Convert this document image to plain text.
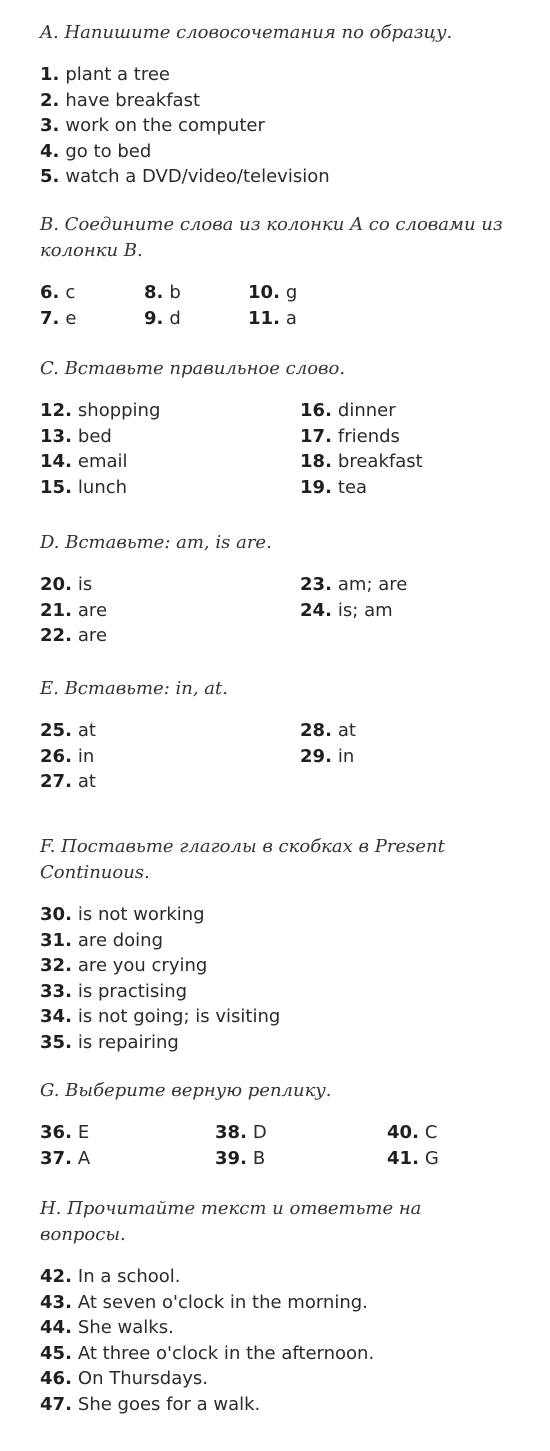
A. Напишите словосочетания по образцу.
1 . plant a tree
2 . have breakfast
3 . work on the computer
4 . go to bed
5 . watch a DVD/video/television
B. Соедините слова из колонки A со словами из колонки B.
6 . c	8 . b	10 . g
7 . e	9 . d	11 . a
C. Вставьте правильное слово.
12 . shopping	16 . dinner
13 . bed	17 . friends
14 . email	18 . breakfast
15 . lunch	19 . tea
D. Вставьте: am, is are.
20 . is	23 . am; are
21 . are	24 . is; am
22 . are
E. Вставьте: in, at.
25 . at	28 . at
26 . in	29 . in
27 . at
F. Поставьте глаголы в скобках в Present Continuous.
30 . is not working
31 . are doing
32 . are you crying
33 . is practising
34 . is not going; is visiting
35 . is repairing
G. Выберите верную реплику.
36 . E	38 . D	40 . C
37 . A	39 . B	41 . G
H. Прочитайте текст и ответьте на вопросы.
42 . In a school.
43 . At seven o'clock in the morning.
44 . She walks.
45 . At three o'clock in the afternoon.
46 . On Thursdays.
47 . She goes for a walk.
